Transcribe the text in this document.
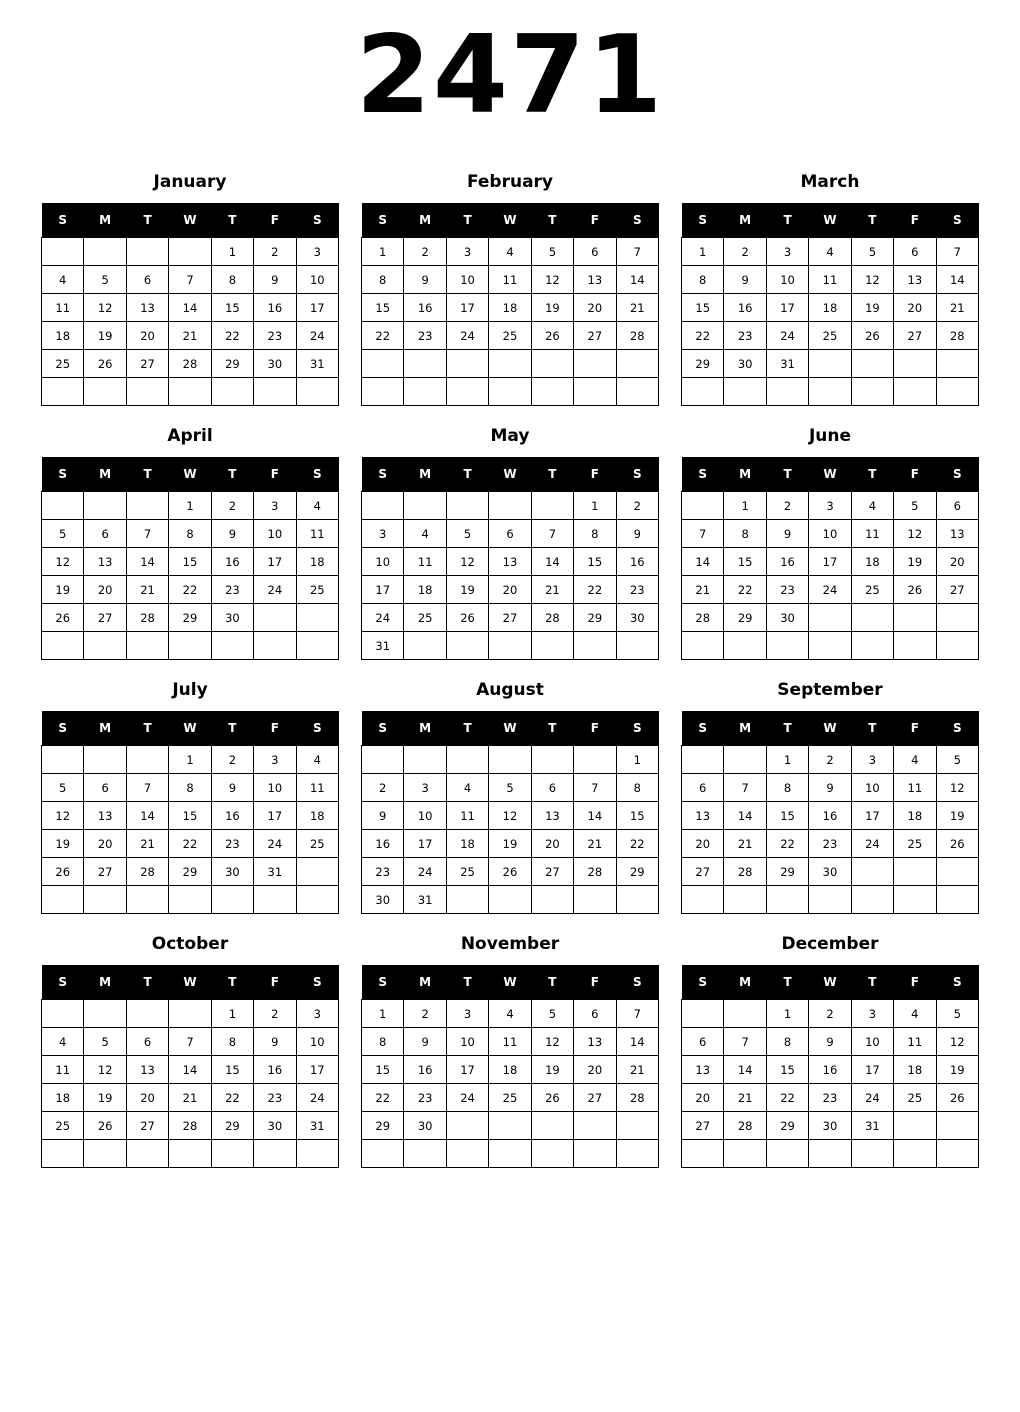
2471
January
S	M	T	W	T	F	S
				1	2	3
4	5	6	7	8	9	10
11	12	13	14	15	16	17
18	19	20	21	22	23	24
25	26	27	28	29	30	31

February
S	M	T	W	T	F	S
1	2	3	4	5	6	7
8	9	10	11	12	13	14
15	16	17	18	19	20	21
22	23	24	25	26	27	28

March
S	M	T	W	T	F	S
1	2	3	4	5	6	7
8	9	10	11	12	13	14
15	16	17	18	19	20	21
22	23	24	25	26	27	28
29	30	31				

April
S	M	T	W	T	F	S
			1	2	3	4
5	6	7	8	9	10	11
12	13	14	15	16	17	18
19	20	21	22	23	24	25
26	27	28	29	30		

May
S	M	T	W	T	F	S
					1	2
3	4	5	6	7	8	9
10	11	12	13	14	15	16
17	18	19	20	21	22	23
24	25	26	27	28	29	30
31						
June
S	M	T	W	T	F	S
	1	2	3	4	5	6
7	8	9	10	11	12	13
14	15	16	17	18	19	20
21	22	23	24	25	26	27
28	29	30				

July
S	M	T	W	T	F	S
			1	2	3	4
5	6	7	8	9	10	11
12	13	14	15	16	17	18
19	20	21	22	23	24	25
26	27	28	29	30	31	

August
S	M	T	W	T	F	S
						1
2	3	4	5	6	7	8
9	10	11	12	13	14	15
16	17	18	19	20	21	22
23	24	25	26	27	28	29
30	31					
September
S	M	T	W	T	F	S
		1	2	3	4	5
6	7	8	9	10	11	12
13	14	15	16	17	18	19
20	21	22	23	24	25	26
27	28	29	30			

October
S	M	T	W	T	F	S
				1	2	3
4	5	6	7	8	9	10
11	12	13	14	15	16	17
18	19	20	21	22	23	24
25	26	27	28	29	30	31

November
S	M	T	W	T	F	S
1	2	3	4	5	6	7
8	9	10	11	12	13	14
15	16	17	18	19	20	21
22	23	24	25	26	27	28
29	30					

December
S	M	T	W	T	F	S
		1	2	3	4	5
6	7	8	9	10	11	12
13	14	15	16	17	18	19
20	21	22	23	24	25	26
27	28	29	30	31		
